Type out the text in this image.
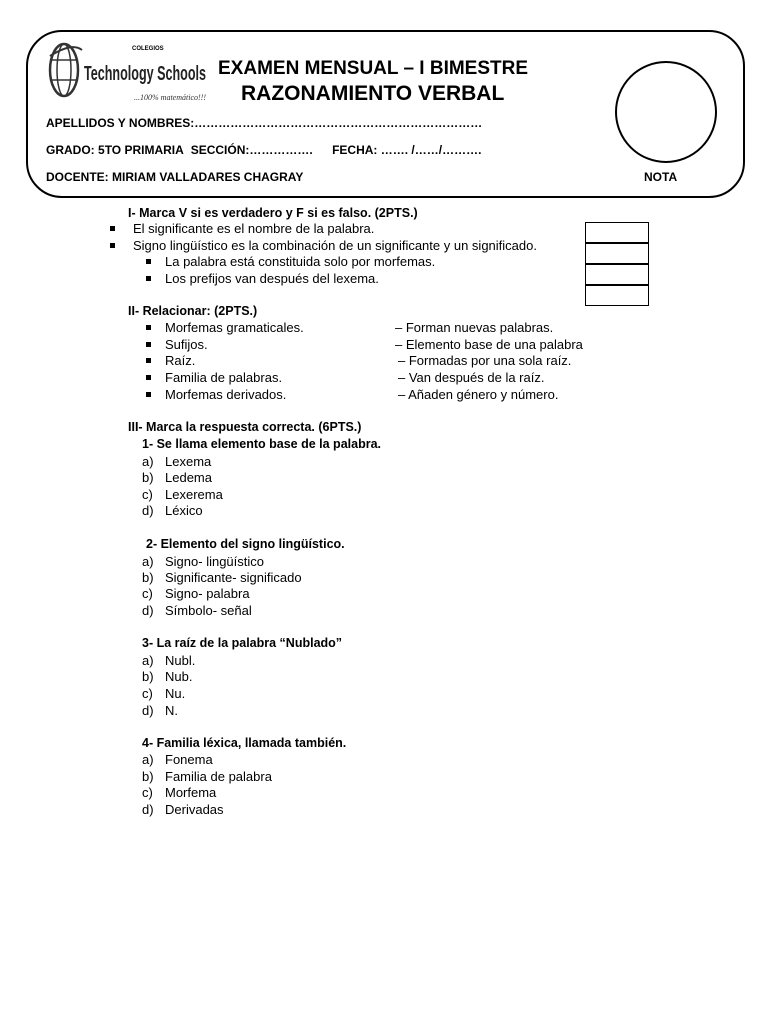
COLEGIOS
Technology Schools
...100% matemático!!!
EXAMEN MENSUAL – I BIMESTRE
RAZONAMIENTO VERBAL
APELLIDOS Y NOMBRES:………………………………………………………………
GRADO: 5TO PRIMARIA SECCIÓN:……………. FECHA: ……. /……/……….
DOCENTE: MIRIAM VALLADARES CHAGRAY	NOTA
I- Marca V si es verdadero y F si es falso. (2PTS.)
El significante es el nombre de la palabra.
Signo lingüístico es la combinación de un significante y un significado.
La palabra está constituida solo por morfemas.
Los prefijos van después del lexema.
II- Relacionar: (2PTS.)
Morfemas gramaticales.	– Forman nuevas palabras.
Sufijos.	– Elemento base de una palabra
Raíz.	– Formadas por una sola raíz.
Familia de palabras.	– Van después de la raíz.
Morfemas derivados.	– Añaden género y número.
III- Marca la respuesta correcta. (6PTS.)
1- Se llama elemento base de la palabra.
a) Lexema
b) Ledema
c) Lexerema
d) Léxico
2- Elemento del signo lingüístico.
a) Signo- lingüístico
b) Significante- significado
c) Signo- palabra
d) Símbolo- señal
3- La raíz de la palabra “Nublado”
a) Nubl.
b) Nub.
c) Nu.
d) N.
4- Familia léxica, llamada también.
a) Fonema
b) Familia de palabra
c) Morfema
d) Derivadas
